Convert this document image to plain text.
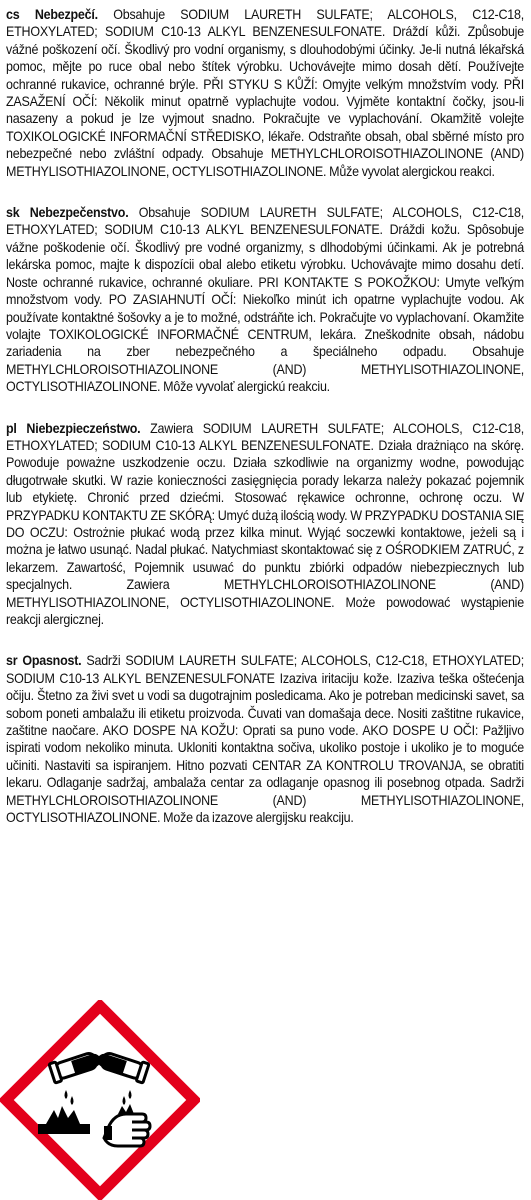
cs Nebezpečí. Obsahuje SODIUM LAURETH SULFATE; ALCOHOLS, C12-C18, ETHOXYLATED; SODIUM C10-13 ALKYL BENZENESULFONATE. Dráždí kůži. Způsobuje vážné poškození očí. Škodlivý pro vodní organismy, s dlouhodobými účinky. Je-li nutná lékařská pomoc, mějte po ruce obal nebo štítek výrobku. Uchovávejte mimo dosah dětí. Používejte ochranné rukavice, ochranné brýle. PŘI STYKU S KŮŽÍ: Omyjte velkým množstvím vody. PŘI ZASAŽENÍ OČÍ: Několik minut opatrně vyplachujte vodou. Vyjměte kontaktní čočky, jsou-li nasazeny a pokud je lze vyjmout snadno. Pokračujte ve vyplachování. Okamžitě volejte TOXIKOLOGICKÉ INFORMAČNÍ STŘEDISKO, lékaře. Odstraňte obsah, obal sběrné místo pro nebezpečné nebo zvláštní odpady. Obsahuje METHYLCHLOROISOTHIAZOLINONE (AND) METHYLISOTHIAZOLINONE, OCTYLISOTHIAZOLINONE. Může vyvolat alergickou reakci.

sk Nebezpečenstvo. Obsahuje SODIUM LAURETH SULFATE; ALCOHOLS, C12-C18, ETHOXYLATED; SODIUM C10-13 ALKYL BENZENESULFONATE. Dráždi kožu. Spôsobuje vážne poškodenie očí. Škodlivý pre vodné organizmy, s dlhodobými účinkami. Ak je potrebná lekárska pomoc, majte k dispozícii obal alebo etiketu výrobku. Uchovávajte mimo dosahu detí. Noste ochranné rukavice, ochranné okuliare. PRI KONTAKTE S POKOŽKOU: Umyte veľkým množstvom vody. PO ZASIAHNUTÍ OČÍ: Niekoľko minút ich opatrne vyplachujte vodou. Ak používate kontaktné šošovky a je to možné, odstráňte ich. Pokračujte vo vyplachovaní. Okamžite volajte TOXIKOLOGICKÉ INFORMAČNÉ CENTRUM, lekára. Zneškodnite obsah, nádobu zariadenia na zber nebezpečného a špeciálneho odpadu. Obsahuje METHYLCHLOROISOTHIAZOLINONE (AND) METHYLISOTHIAZOLINONE, OCTYLISOTHIAZOLINONE. Môže vyvolať alergickú reakciu.

pl Niebezpieczeństwo. Zawiera SODIUM LAURETH SULFATE; ALCOHOLS, C12-C18, ETHOXYLATED; SODIUM C10-13 ALKYL BENZENESULFONATE. Działa drażniąco na skórę. Powoduje poważne uszkodzenie oczu. Działa szkodliwie na organizmy wodne, powodując długotrwałe skutki. W razie konieczności zasięgnięcia porady lekarza należy pokazać pojemnik lub etykietę. Chronić przed dziećmi. Stosować rękawice ochronne, ochronę oczu. W PRZYPADKU KONTAKTU ZE SKÓRĄ: Umyć dużą ilością wody. W PRZYPADKU DOSTANIA SIĘ DO OCZU: Ostrożnie płukać wodą przez kilka minut. Wyjąć soczewki kontaktowe, jeżeli są i można je łatwo usunąć. Nadal płukać. Natychmiast skontaktować się z OŚRODKIEM ZATRUĆ, z lekarzem. Zawartość, Pojemnik usuwać do punktu zbiórki odpadów niebezpiecznych lub specjalnych. Zawiera METHYLCHLOROISOTHIAZOLINONE (AND) METHYLISOTHIAZOLINONE, OCTYLISOTHIAZOLINONE. Może powodować wystąpienie reakcji alergicznej.

sr Opasnost. Sadrži SODIUM LAURETH SULFATE; ALCOHOLS, C12-C18, ETHOXYLATED; SODIUM C10-13 ALKYL BENZENESULFONATE Izaziva iritaciju kože. Izaziva teška oštećenja očiju. Štetno za živi svet u vodi sa dugotrajnim posledicama. Ako je potreban medicinski savet, sa sobom poneti ambalažu ili etiketu proizvoda. Čuvati van domašaja dece. Nositi zaštitne rukavice, zaštitne naočare. AKO DOSPE NA KOŽU: Oprati sa puno vode. AKO DOSPE U OČI: Pažljivo ispirati vodom nekoliko minuta. Ukloniti kontaktna sočiva, ukoliko postoje i ukoliko je to moguće učiniti. Nastaviti sa ispiranjem. Hitno pozvati CENTAR ZA KONTROLU TROVANJA, se obratiti lekaru. Odlaganje sadržaj, ambalaža centar za odlaganje opasnog ili posebnog otpada. Sadrži METHYLCHLOROISOTHIAZOLINONE (AND) METHYLISOTHIAZOLINONE, OCTYLISOTHIAZOLINONE. Može da izazove alergijsku reakciju.
